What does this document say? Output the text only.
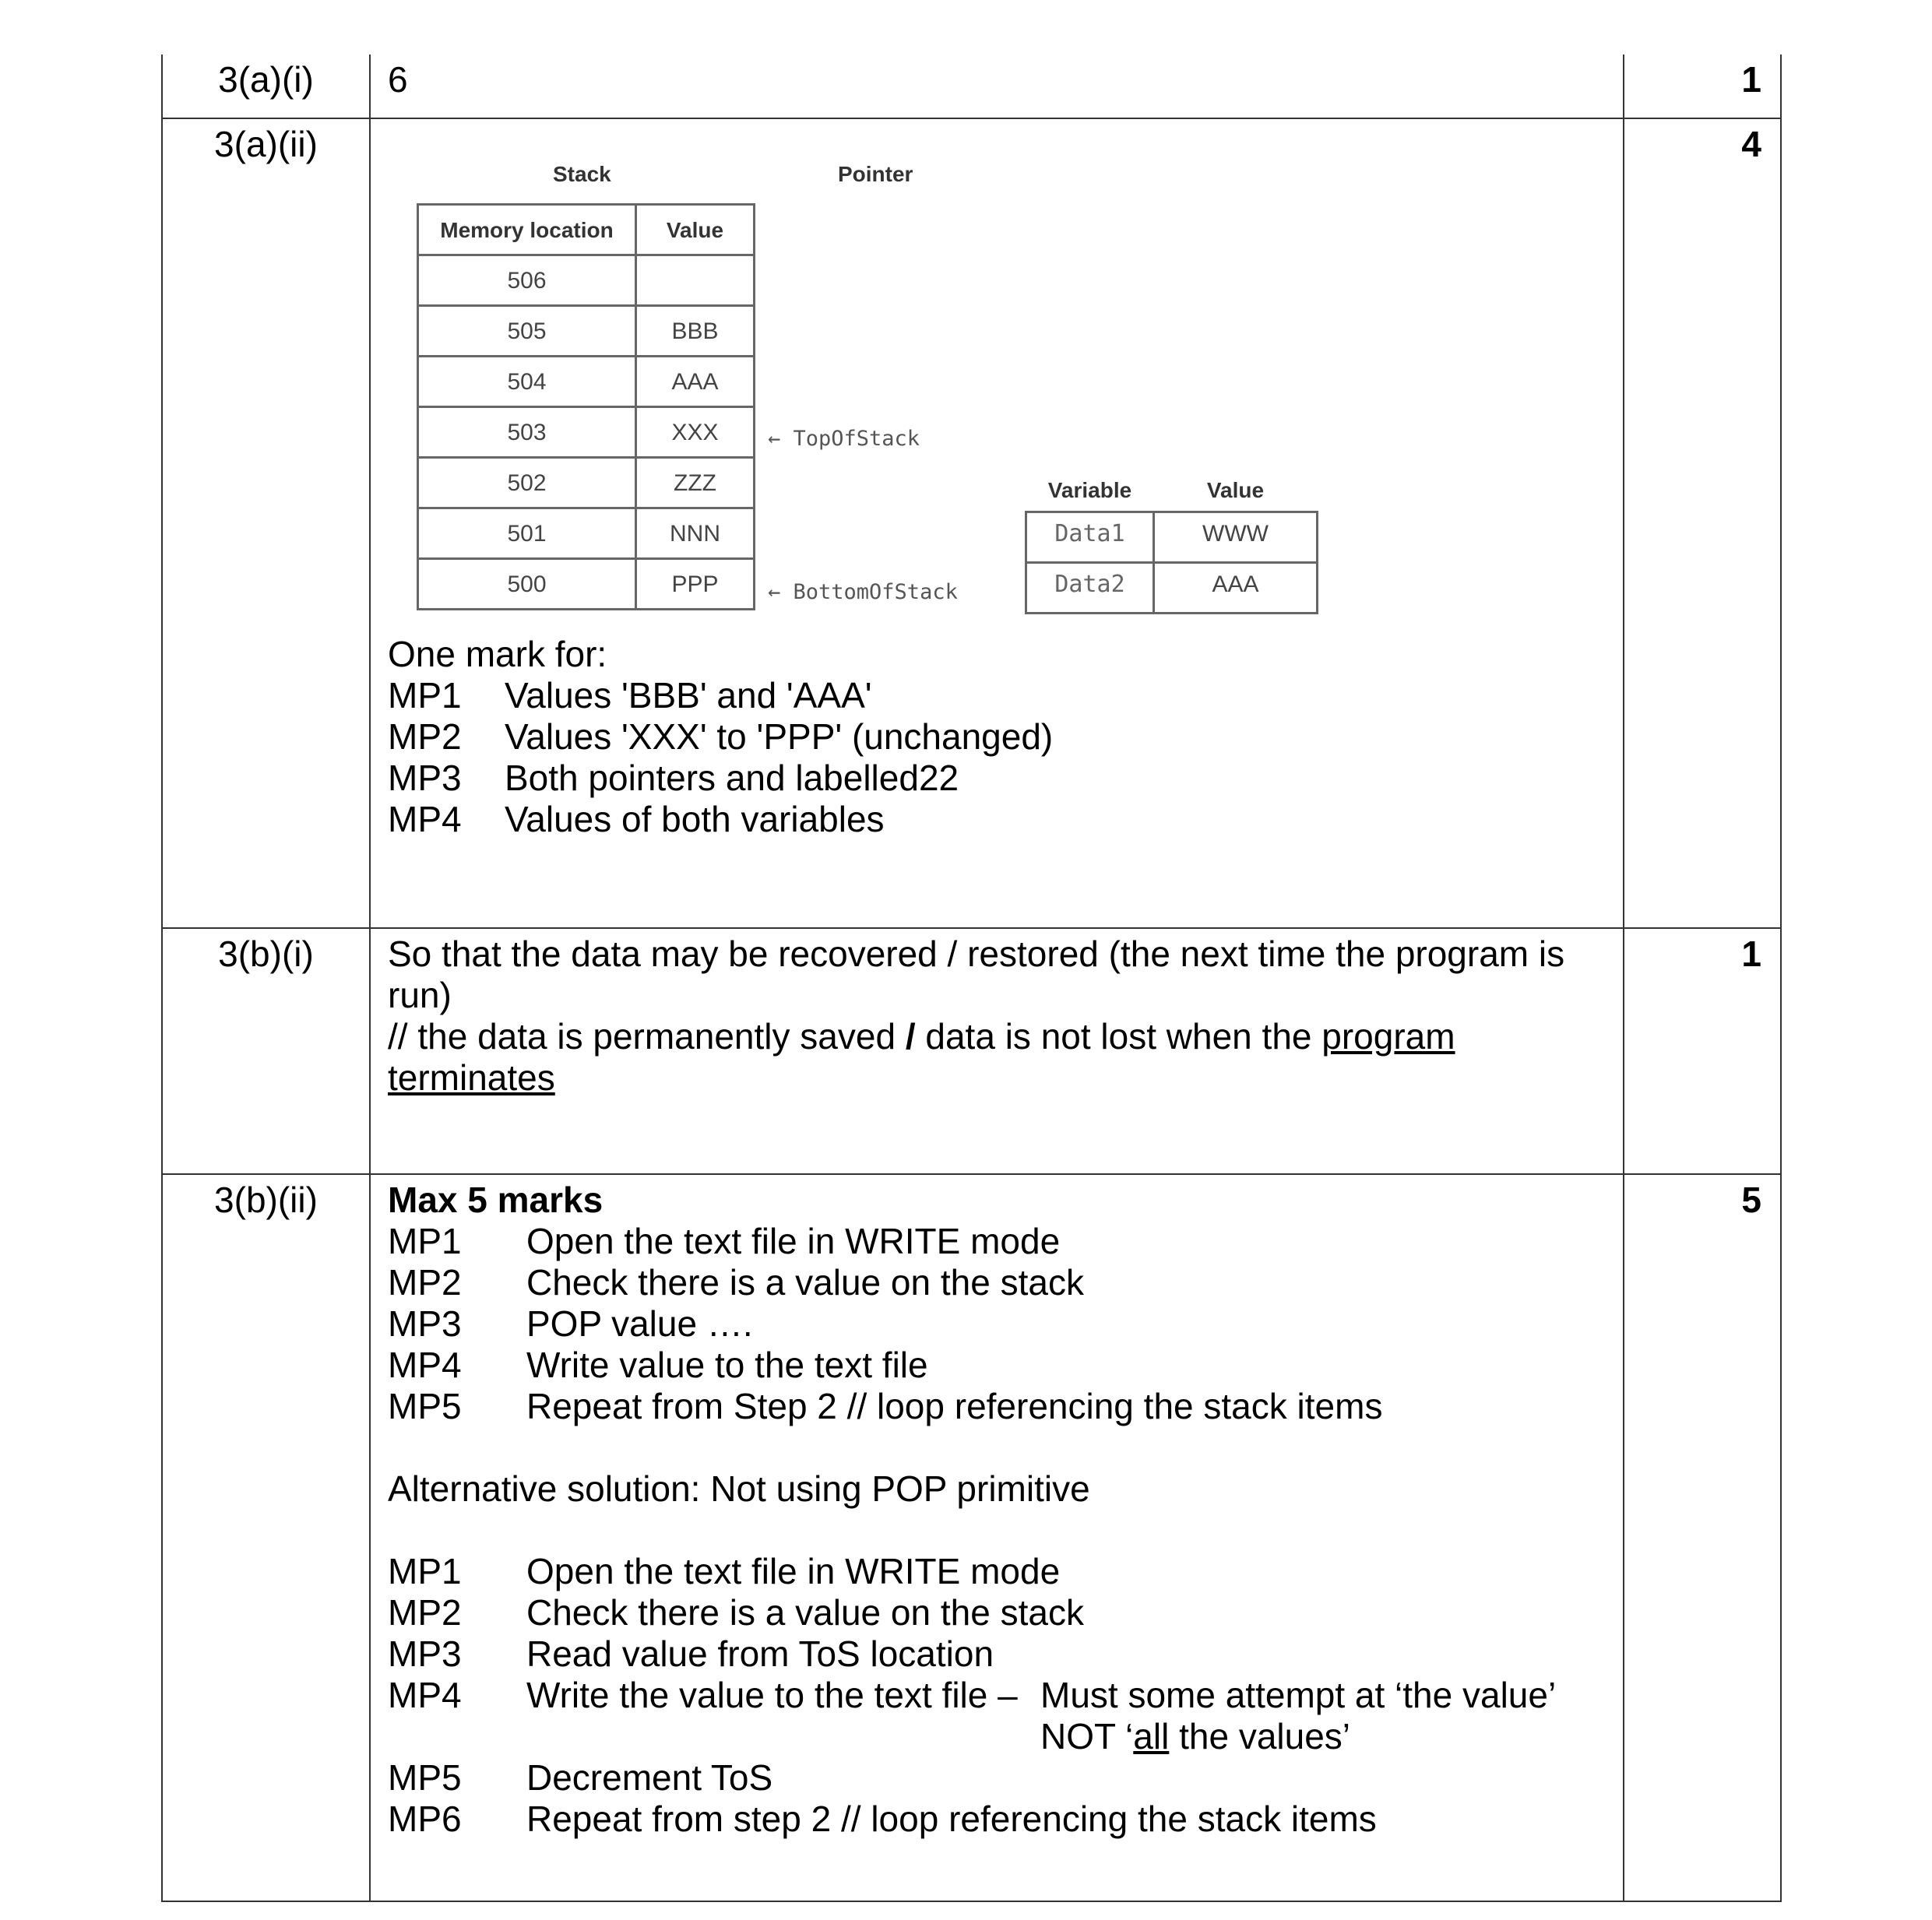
3(a)(i)	6	1
3(a)(ii)	
Stack	Pointer
Memory location	Value
506	
505	BBB
504	AAA
503	XXX
502	ZZZ
501	NNN
500	PPP
← TopOfStack
← BottomOfStack
Variable	Value
Data1	WWW
Data2	AAA
One mark for:
MP1	Values 'BBB' and 'AAA'
MP2	Values 'XXX' to 'PPP' (unchanged)
MP3	Both pointers and labelled22
MP4	Values of both variables
	4
3(b)(i)	So that the data may be recovered / restored (the next time the program is
run)
// the data is permanently saved / data is not lost when the program
terminates
	1
3(b)(ii)	Max 5 marks
MP1	Open the text file in WRITE mode
MP2	Check there is a value on the stack
MP3	POP value ….
MP4	Write value to the text file
MP5	Repeat from Step 2 // loop referencing the stack items
Alternative solution: Not using POP primitive
MP1	Open the text file in WRITE mode
MP2	Check there is a value on the stack
MP3	Read value from ToS location
MP4	Write the value to the text file – Must some attempt at ‘the value’
NOT ‘all the values’
MP5	Decrement ToS
MP6	Repeat from step 2 // loop referencing the stack items
	5
